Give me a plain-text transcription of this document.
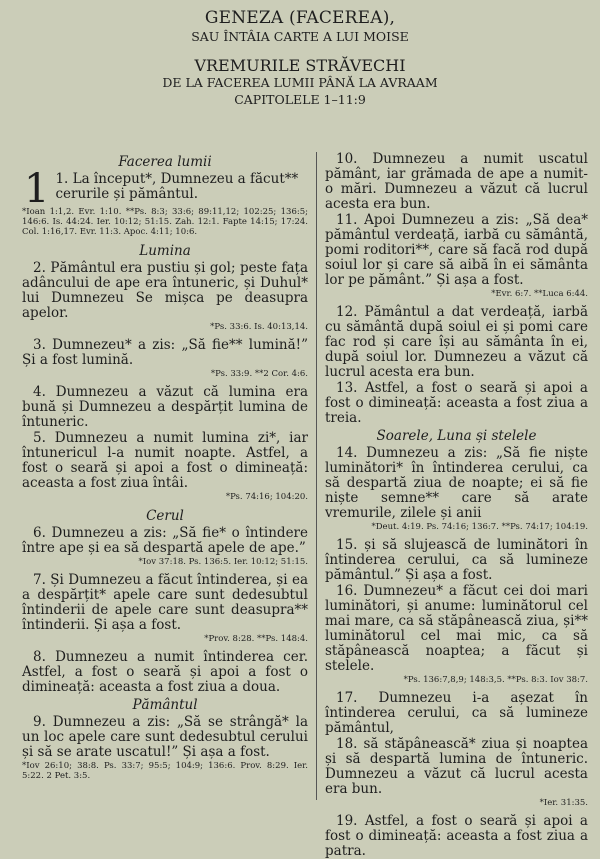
GENEZA (FACEREA),

SAU ÎNTÂIA CARTE A LUI MOISE

VREMURILE STRĂVECHI

DE LA FACEREA LUMII PÂNĂ LA AVRAAM

CAPITOLELE 1–11:9

Facerea lumii

1 1. La început*, Dumnezeu a făcut** cerurile și pământul.

*Ioan 1:1,2. Evr. 1:10. **Ps. 8:3; 33:6; 89:11,12; 102:25; 136:5; 146:6. Is. 44:24. Ier. 10:12; 51:15. Zah. 12:1. Fapte 14:15; 17:24. Col. 1:16,17. Evr. 11:3. Apoc. 4:11; 10:6.

Lumina

2. Pământul era pustiu și gol; peste fața adâncului de ape era întuneric, și Duhul* lui Dumnezeu Se mișca pe deasupra apelor.

*Ps. 33:6. Is. 40:13,14.

3. Dumnezeu* a zis: „Să fie** lumină!” Și a fost lumină.

*Ps. 33:9. **2 Cor. 4:6.

4. Dumnezeu a văzut că lumina era bună și Dumnezeu a despărțit lumina de întuneric.

5. Dumnezeu a numit lumina zi*, iar întunericul l-a numit noapte. Astfel, a fost o seară și apoi a fost o dimineață: aceasta a fost ziua întâi.

*Ps. 74:16; 104:20.

Cerul

6. Dumnezeu a zis: „Să fie* o întindere între ape și ea să despartă apele de ape.”

*Iov 37:18. Ps. 136:5. Ier. 10:12; 51:15.

7. Și Dumnezeu a făcut întinderea, și ea a despărțit* apele care sunt dedesubtul întinderii de apele care sunt deasupra** întinderii. Și așa a fost.

*Prov. 8:28. **Ps. 148:4.

8. Dumnezeu a numit întinderea cer. Astfel, a fost o seară și apoi a fost o dimineață: aceasta a fost ziua a doua.

Pământul

9. Dumnezeu a zis: „Să se strângă* la un loc apele care sunt dedesubtul cerului și să se arate uscatul!” Și așa a fost.

*Iov 26:10; 38:8. Ps. 33:7; 95:5; 104:9; 136:6. Prov. 8:29. Ier. 5:22. 2 Pet. 3:5.

10. Dumnezeu a numit uscatul pământ, iar grămada de ape a numit-o mări. Dumnezeu a văzut că lucrul acesta era bun.

11. Apoi Dumnezeu a zis: „Să dea* pământul verdeață, iarbă cu sământă, pomi roditori**, care să facă rod după soiul lor și care să aibă în ei sământa lor pe pământ.” Și așa a fost.

*Evr. 6:7. **Luca 6:44.

12. Pământul a dat verdeață, iarbă cu sământă după soiul ei și pomi care fac rod și care își au sământa în ei, după soiul lor. Dumnezeu a văzut că lucrul acesta era bun.

13. Astfel, a fost o seară și apoi a fost o dimineață: aceasta a fost ziua a treia.

Soarele, Luna și stelele

14. Dumnezeu a zis: „Să fie niște luminători* în întinderea cerului, ca să despartă ziua de noapte; ei să fie niște semne** care să arate vremurile, zilele și anii

*Deut. 4:19. Ps. 74:16; 136:7. **Ps. 74:17; 104:19.

15. și să slujească de luminători în întinderea cerului, ca să lumineze pământul.” Și așa a fost.

16. Dumnezeu* a făcut cei doi mari luminători, și anume: luminătorul cel mai mare, ca să stăpânească ziua, și** luminătorul cel mai mic, ca să stăpânească noaptea; a făcut și stelele.

*Ps. 136:7,8,9; 148:3,5. **Ps. 8:3. Iov 38:7.

17. Dumnezeu i-a așezat în întinderea cerului, ca să lumineze pământul,

18. să stăpânească* ziua și noaptea și să despartă lumina de întuneric. Dumnezeu a văzut că lucrul acesta era bun.

*Ier. 31:35.

19. Astfel, a fost o seară și apoi a fost o dimineață: aceasta a fost ziua a patra.
